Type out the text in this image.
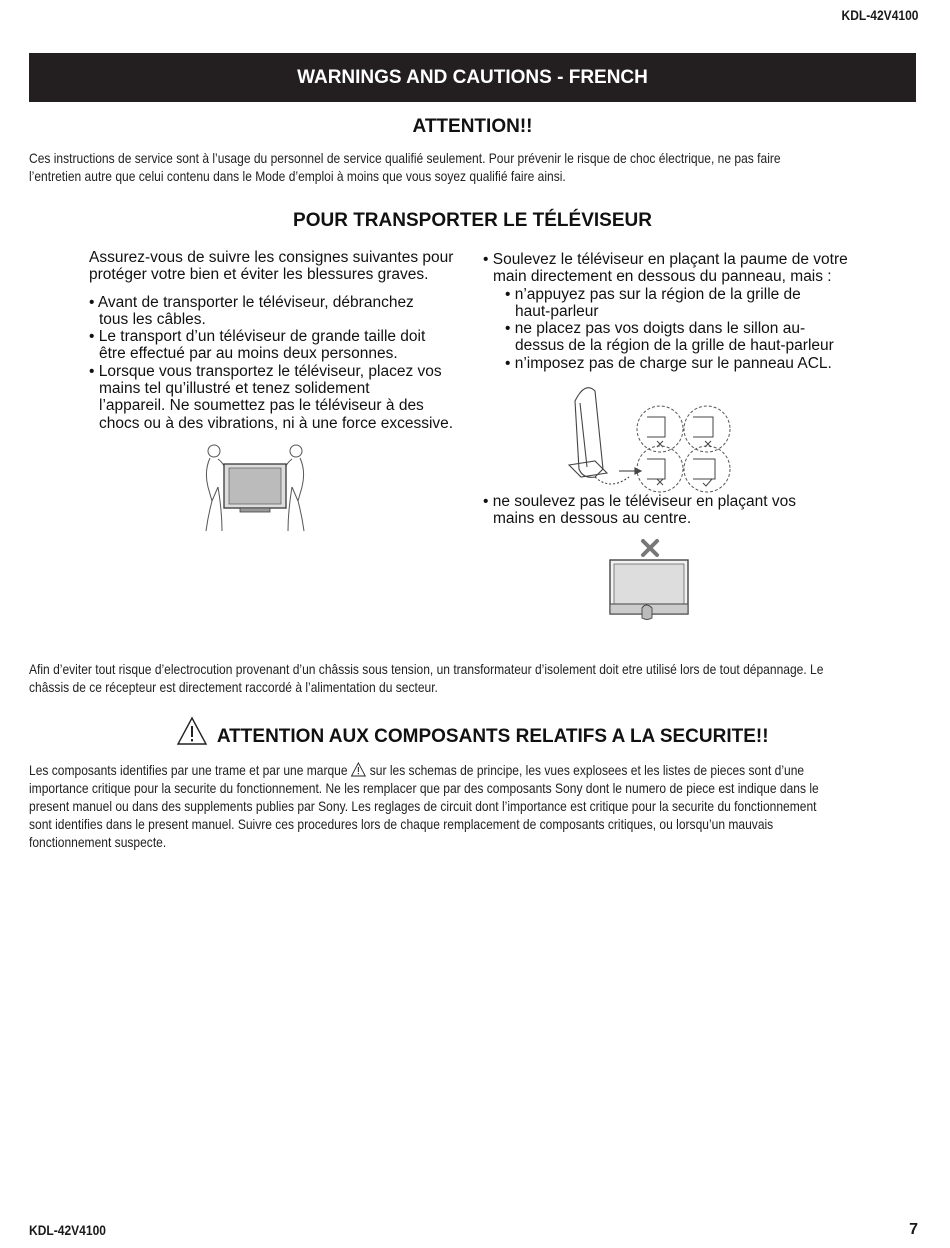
KDL-42V4100
WARNINGS AND CAUTIONS - FRENCH
ATTENTION!!
Ces instructions de service sont à l’usage du personnel de service qualifié seulement. Pour prévenir le risque de choc électrique, ne pas faire
l’entretien autre que celui contenu dans le Mode d’emploi à moins que vous soyez qualifié faire ainsi.
POUR TRANSPORTER LE TÉLÉVISEUR
Assurez-vous de suivre les consignes suivantes pour
protéger votre bien et éviter les blessures graves.
• Avant de transporter le téléviseur, débranchez
tous les câbles.
• Le transport d’un téléviseur de grande taille doit
être effectué par au moins deux personnes.
• Lorsque vous transportez le téléviseur, placez vos
mains tel qu’illustré et tenez solidement
l’appareil. Ne soumettez pas le téléviseur à des
chocs ou à des vibrations, ni à une force excessive.
• Soulevez le téléviseur en plaçant la paume de votre
main directement en dessous du panneau, mais :
• n’appuyez pas sur la région de la grille de
haut-parleur
• ne placez pas vos doigts dans le sillon au-
dessus de la région de la grille de haut-parleur
• n’imposez pas de charge sur le panneau ACL.
• ne soulevez pas le téléviseur en plaçant vos
mains en dessous au centre.
Afin d’eviter tout risque d’electrocution provenant d’un châssis sous tension, un transformateur d’isolement doit etre utilisé lors de tout dépannage. Le
châssis de ce récepteur est directement raccordé à l’alimentation du secteur.
ATTENTION AUX COMPOSANTS RELATIFS A LA SECURITE!!
Les composants identifies par une trame et par une marque sur les schemas de principe, les vues explosees et les listes de pieces sont d’une
importance critique pour la securite du fonctionnement. Ne les remplacer que par des composants Sony dont le numero de piece est indique dans le
present manuel ou dans des supplements publies par Sony. Les reglages de circuit dont l’importance est critique pour la securite du fonctionnement
sont identifies dans le present manuel. Suivre ces procedures lors de chaque remplacement de composants critiques, ou lorsqu’un mauvais
fonctionnement suspecte.
KDL-42V4100	7
